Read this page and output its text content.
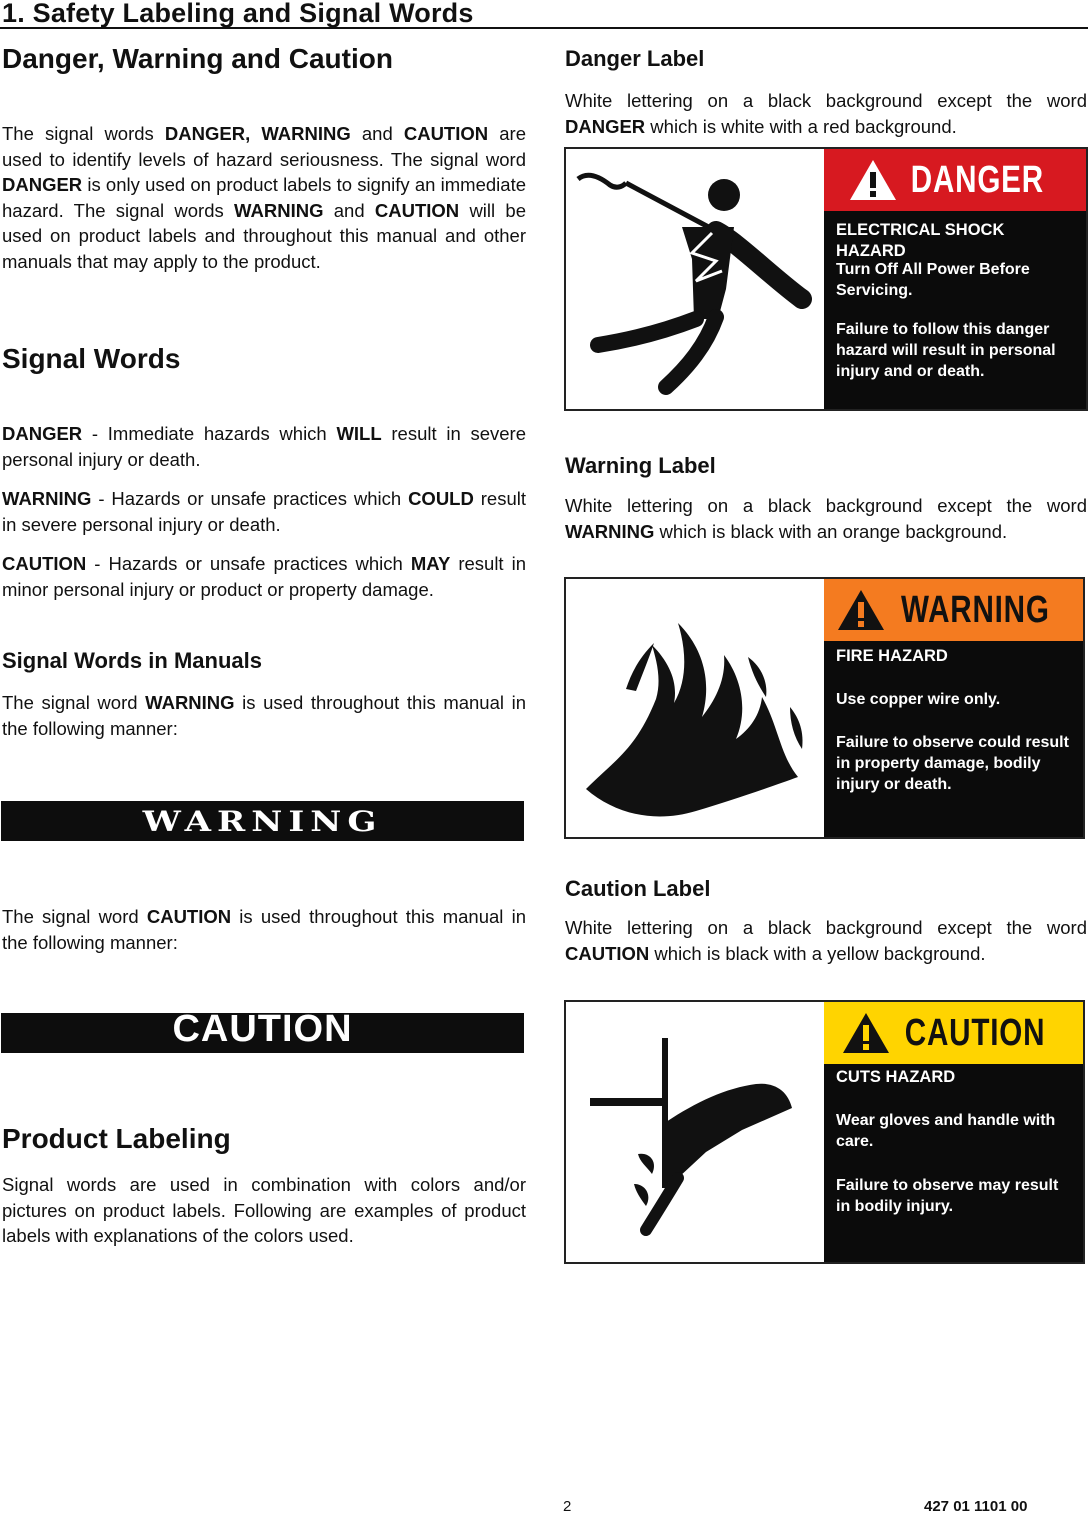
1. Safety Labeling and Signal Words
Danger, Warning and Caution

The signal words DANGER, WARNING and CAUTION are used to identify levels of hazard seriousness. The signal word DANGER is only used on product labels to signify an immediate hazard. The signal words WARNING and CAUTION will be used on product labels and throughout this manual and other manuals that may apply to the product.

Signal Words

DANGER - Immediate hazards which WILL result in severe personal injury or death.

WARNING - Hazards or unsafe practices which COULD result in severe personal injury or death.

CAUTION - Hazards or unsafe practices which MAY result in minor personal injury or product or property damage.

Signal Words in Manuals

The signal word WARNING is used throughout this manual in the following manner:

WARNING

The signal word CAUTION is used throughout this manual in the following manner:

CAUTION
Product Labeling

Signal words are used in combination with colors and/or pictures on product labels. Following are examples of product labels with explanations of the colors used.

Danger Label

White lettering on a black background except the word DANGER which is white with a red background.

DANGER
ELECTRICAL SHOCK HAZARD
Turn Off All Power Before Servicing.
Failure to follow this danger hazard will result in personal injury and or death.
Warning Label

White lettering on a black background except the word WARNING which is black with an orange background.

WARNING
FIRE HAZARD
Use copper wire only.
Failure to observe could result in property damage, bodily injury or death.
Caution Label

White lettering on a black background except the word CAUTION which is black with a yellow background.

CAUTION
CUTS HAZARD
Wear gloves and handle with care.
Failure to observe may result in bodily injury.
2	427 01 1101 00
